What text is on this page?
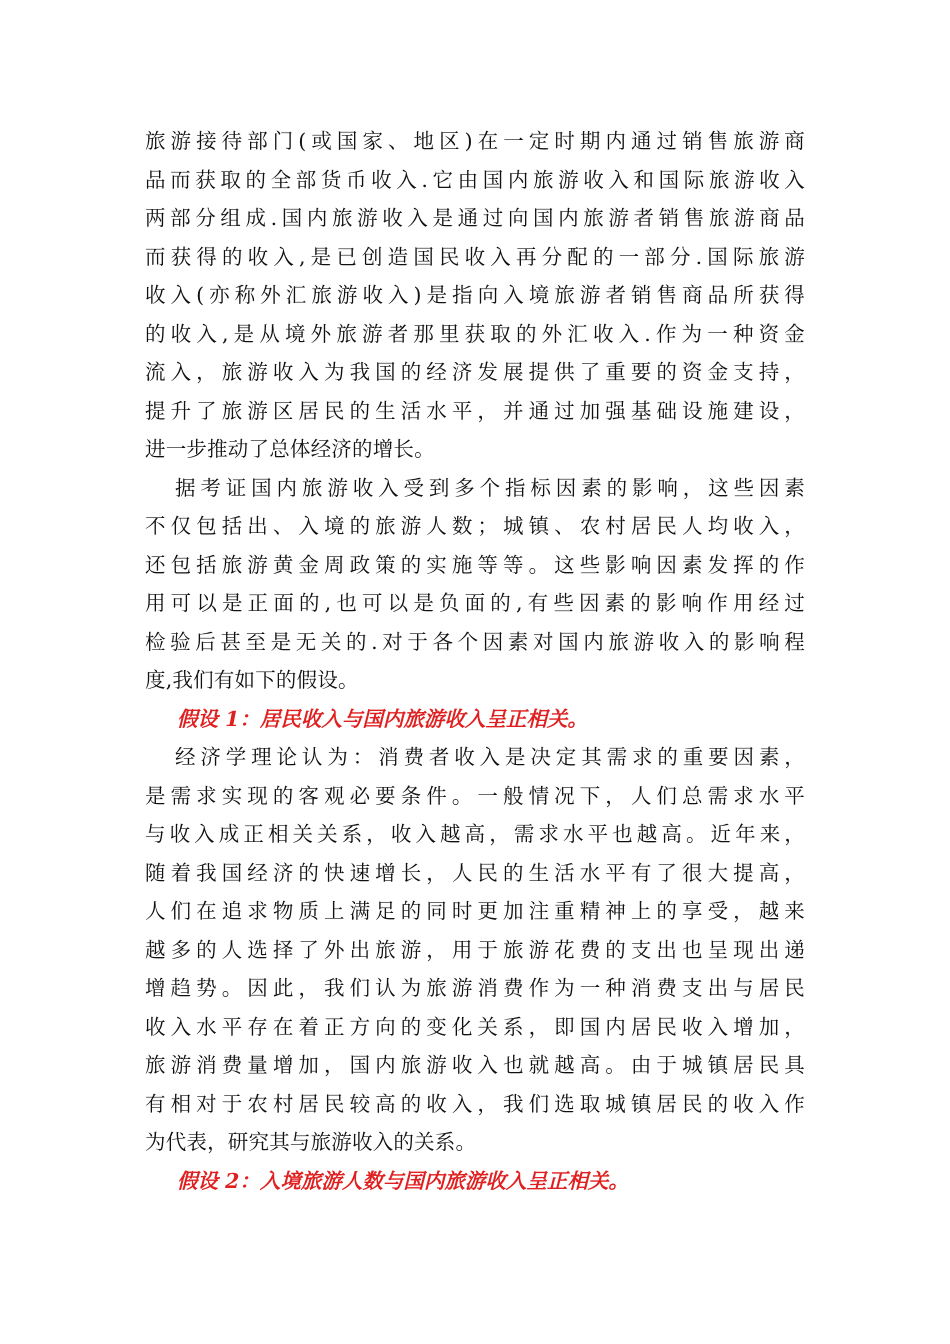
旅游接待部门(或国家、地区)在一定时期内通过销售旅游商
品而获取的全部货币收入.它由国内旅游收入和国际旅游收入
两部分组成.国内旅游收入是通过向国内旅游者销售旅游商品
而获得的收入,是已创造国民收入再分配的一部分.国际旅游
收入(亦称外汇旅游收入)是指向入境旅游者销售商品所获得
的收入,是从境外旅游者那里获取的外汇收入.作为一种资金
流入，旅游收入为我国的经济发展提供了重要的资金支持，
提升了旅游区居民的生活水平，并通过加强基础设施建设，
进一步推动了总体经济的增长。
据考证国内旅游收入受到多个指标因素的影响，这些因素
不仅包括出、入境的旅游人数；城镇、农村居民人均收入，
还包括旅游黄金周政策的实施等等。这些影响因素发挥的作
用可以是正面的,也可以是负面的,有些因素的影响作用经过
检验后甚至是无关的.对于各个因素对国内旅游收入的影响程
度,我们有如下的假设。
假设 1：居民收入与国内旅游收入呈正相关。
经济学理论认为：消费者收入是决定其需求的重要因素，
是需求实现的客观必要条件。一般情况下，人们总需求水平
与收入成正相关关系，收入越高，需求水平也越高。近年来，
随着我国经济的快速增长，人民的生活水平有了很大提高，
人们在追求物质上满足的同时更加注重精神上的享受，越来
越多的人选择了外出旅游，用于旅游花费的支出也呈现出递
增趋势。因此，我们认为旅游消费作为一种消费支出与居民
收入水平存在着正方向的变化关系，即国内居民收入增加，
旅游消费量增加，国内旅游收入也就越高。由于城镇居民具
有相对于农村居民较高的收入，我们选取城镇居民的收入作
为代表，研究其与旅游收入的关系。
假设 2：入境旅游人数与国内旅游收入呈正相关。
